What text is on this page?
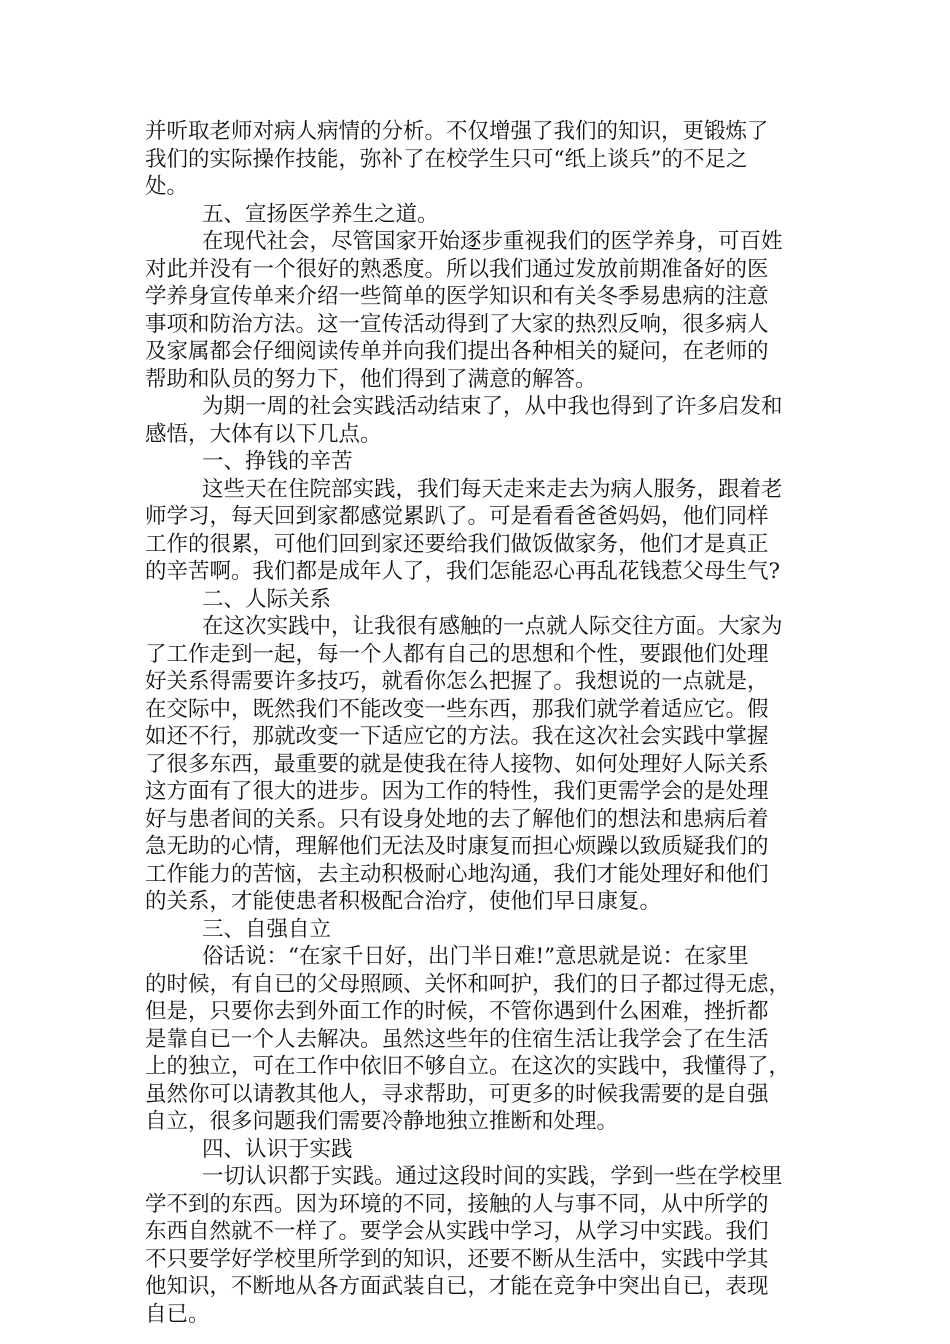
并听取老师对病人病情的分析。不仅增强了我们的知识，更锻炼了
我们的实际操作技能，弥补了在校学生只可“纸上谈兵”的不足之
处。
五、宣扬医学养生之道。
在现代社会，尽管国家开始逐步重视我们的医学养身，可百姓
对此并没有一个很好的熟悉度。所以我们通过发放前期准备好的医
学养身宣传单来介绍一些简单的医学知识和有关冬季易患病的注意
事项和防治方法。这一宣传活动得到了大家的热烈反响，很多病人
及家属都会仔细阅读传单并向我们提出各种相关的疑问，在老师的
帮助和队员的努力下，他们得到了满意的解答。
为期一周的社会实践活动结束了，从中我也得到了许多启发和
感悟，大体有以下几点。
一、挣钱的辛苦
这些天在住院部实践，我们每天走来走去为病人服务，跟着老
师学习，每天回到家都感觉累趴了。可是看看爸爸妈妈，他们同样
工作的很累，可他们回到家还要给我们做饭做家务，他们才是真正
的辛苦啊。我们都是成年人了，我们怎能忍心再乱花钱惹父母生气?
二、人际关系
在这次实践中，让我很有感触的一点就人际交往方面。大家为
了工作走到一起，每一个人都有自己的思想和个性，要跟他们处理
好关系得需要许多技巧，就看你怎么把握了。我想说的一点就是，
在交际中，既然我们不能改变一些东西，那我们就学着适应它。假
如还不行，那就改变一下适应它的方法。我在这次社会实践中掌握
了很多东西，最重要的就是使我在待人接物、如何处理好人际关系
这方面有了很大的进步。因为工作的特性，我们更需学会的是处理
好与患者间的关系。只有设身处地的去了解他们的想法和患病后着
急无助的心情，理解他们无法及时康复而担心烦躁以致质疑我们的
工作能力的苦恼，去主动积极耐心地沟通，我们才能处理好和他们
的关系，才能使患者积极配合治疗，使他们早日康复。
三、自强自立
俗话说：“在家千日好，出门半日难!”意思就是说：在家里
的时候，有自已的父母照顾、关怀和呵护，我们的日子都过得无虑，
但是，只要你去到外面工作的时候，不管你遇到什么困难，挫折都
是靠自已一个人去解决。虽然这些年的住宿生活让我学会了在生活
上的独立，可在工作中依旧不够自立。在这次的实践中，我懂得了，
虽然你可以请教其他人，寻求帮助，可更多的时候我需要的是自强
自立，很多问题我们需要冷静地独立推断和处理。
四、认识于实践
一切认识都于实践。通过这段时间的实践，学到一些在学校里
学不到的东西。因为环境的不同，接触的人与事不同，从中所学的
东西自然就不一样了。要学会从实践中学习，从学习中实践。我们
不只要学好学校里所学到的知识，还要不断从生活中，实践中学其
他知识，不断地从各方面武装自已，才能在竞争中突出自已，表现
自已。
